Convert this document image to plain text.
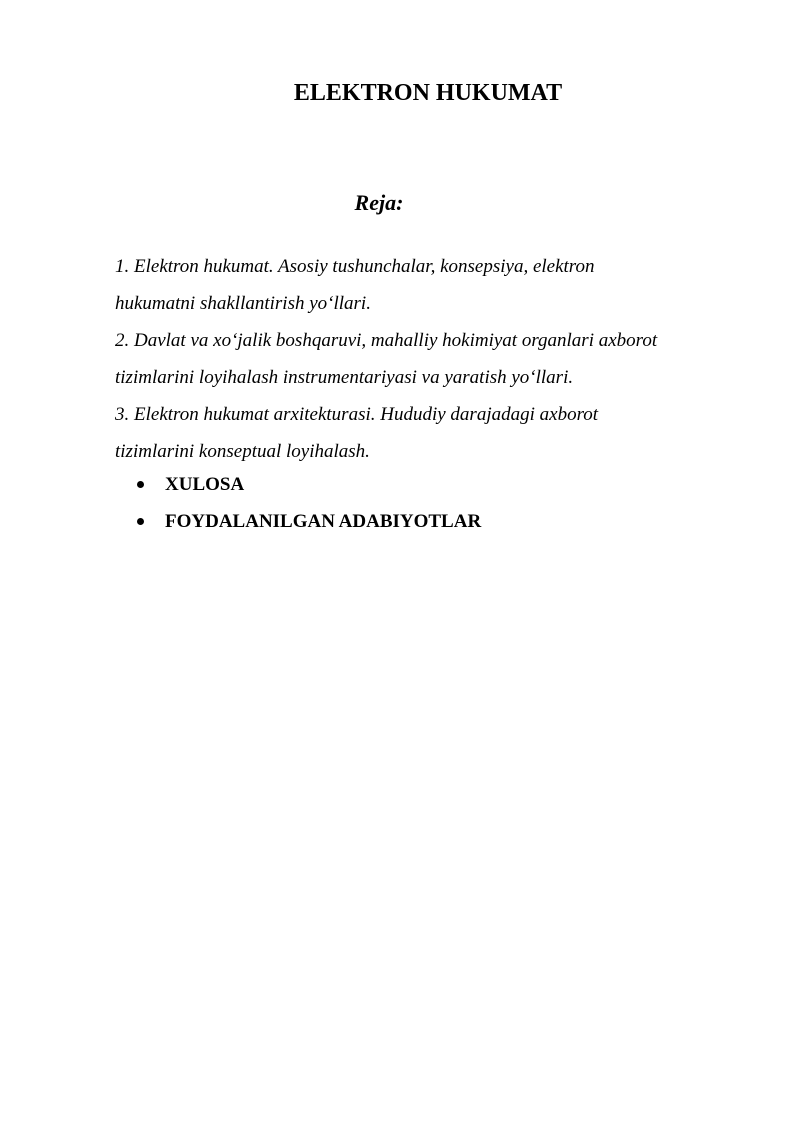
ELEKTRON HUKUMAT
Reja:
1. Elektron hukumat. Asosiy tushunchalar, konsepsiya, elektron
hukumatni shakllantirish yo‘llari.
2. Davlat va xo‘jalik boshqaruvi, mahalliy hokimiyat organlari axborot
tizimlarini loyihalash instrumentariyasi va yaratish yo‘llari.
3. Elektron hukumat arxitekturasi. Hududiy darajadagi axborot
tizimlarini konseptual loyihalash.
XULOSA
FOYDALANILGAN ADABIYOTLAR
